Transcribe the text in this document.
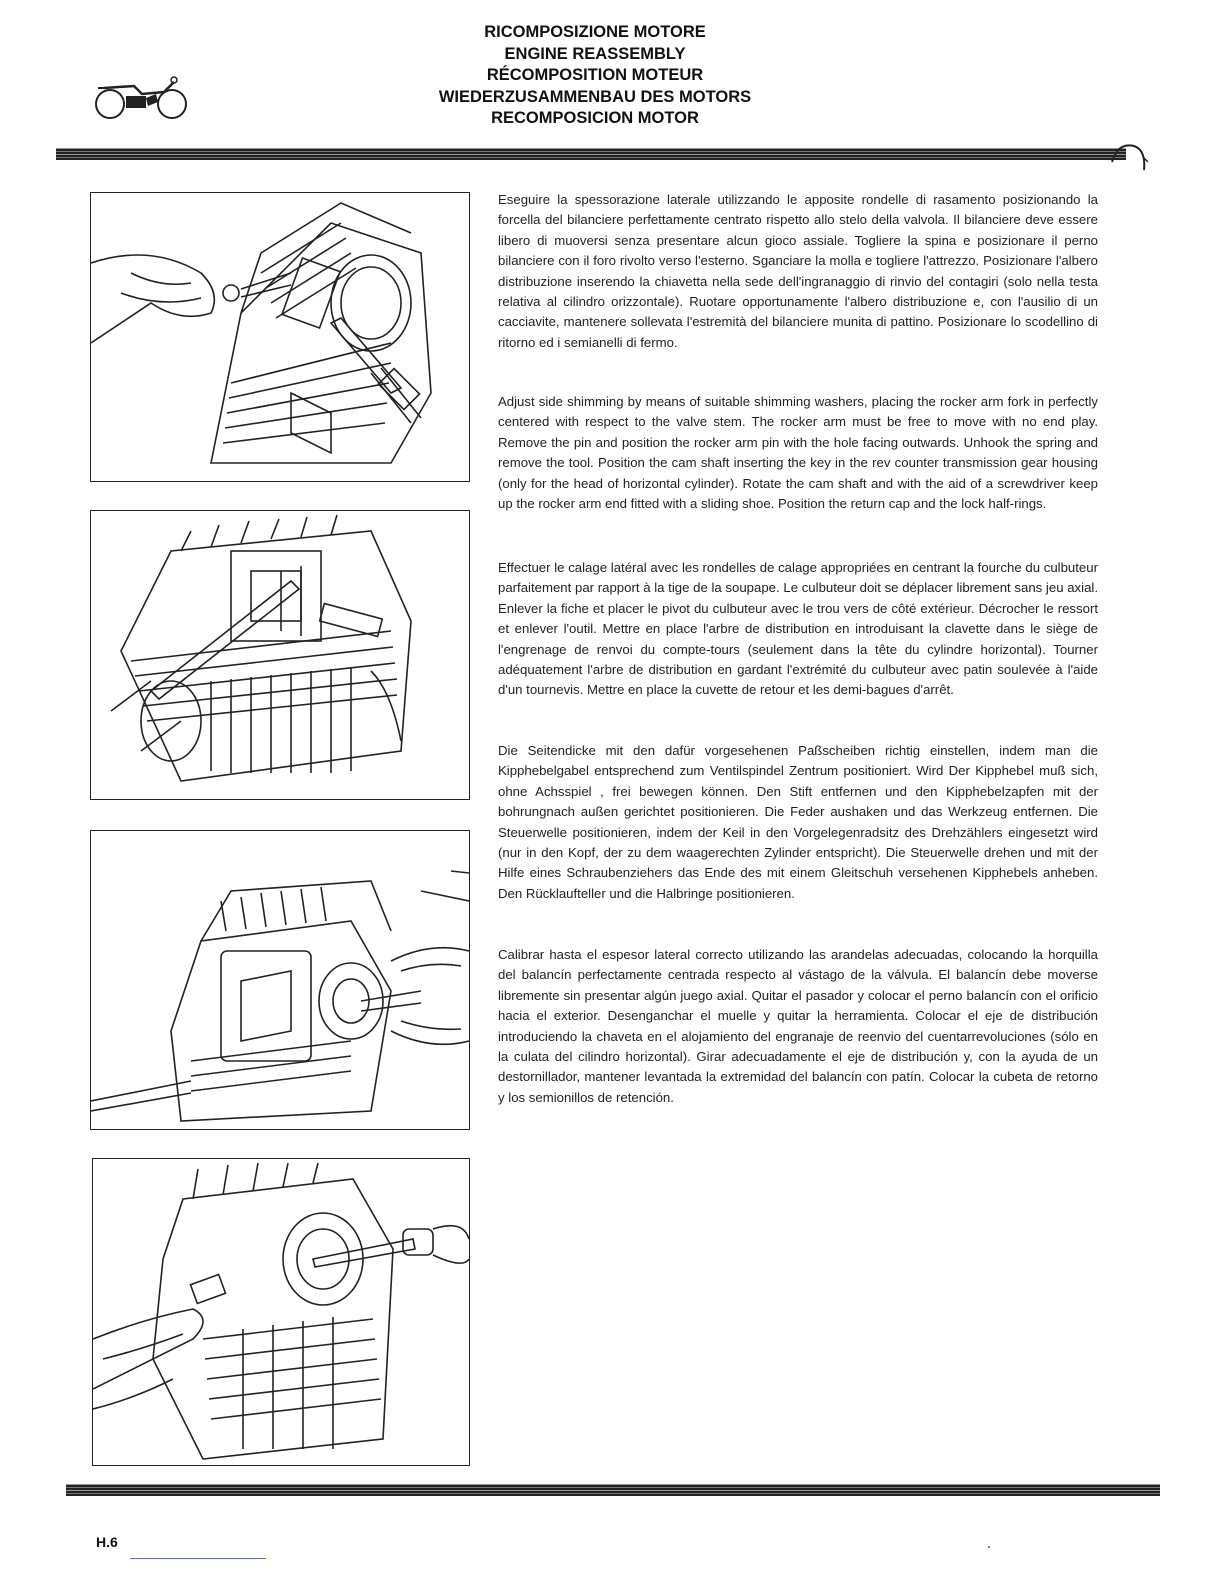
RICOMPOSIZIONE MOTORE
ENGINE REASSEMBLY
RÉCOMPOSITION MOTEUR
WIEDERZUSAMMENBAU DES MOTORS
RECOMPOSICION MOTOR
Eseguire la spessorazione laterale utilizzando le apposite rondelle di rasamento posizionando la forcella del bilanciere perfettamente centrato rispetto allo stelo della valvola. Il bilanciere deve essere libero di muoversi senza presentare alcun gioco assiale. Togliere la spina e posizionare il perno bilanciere con il foro rivolto verso l'esterno. Sganciare la molla e togliere l'attrezzo. Posizionare l'albero distribuzione inserendo la chiavetta nella sede dell'ingranaggio di rinvio del contagiri (solo nella testa relativa al cilindro orizzontale). Ruotare opportunamente l'albero distribuzione e, con l'ausilio di un cacciavite, mantenere sollevata l'estremità del bilanciere munita di pattino. Posizionare lo scodellino di ritorno ed i semianelli di fermo.
Adjust side shimming by means of suitable shimming washers, placing the rocker arm fork in perfectly centered with respect to the valve stem. The rocker arm must be free to move with no end play. Remove the pin and position the rocker arm pin with the hole facing outwards. Unhook the spring and remove the tool. Position the cam shaft inserting the key in the rev counter transmission gear housing (only for the head of horizontal cylinder). Rotate the cam shaft and with the aid of a screwdriver keep up the rocker arm end fitted with a sliding shoe. Position the return cap and the lock half-rings.
Effectuer le calage latéral avec les rondelles de calage appropriées en centrant la fourche du culbuteur parfaitement par rapport à la tige de la soupape. Le culbuteur doit se déplacer librement sans jeu axial. Enlever la fiche et placer le pivot du culbuteur avec le trou vers de côté extérieur. Décrocher le ressort et enlever l'outil. Mettre en place l'arbre de distribution en introduisant la clavette dans le siège de l'engrenage de renvoi du compte-tours (seulement dans la tête du cylindre horizontal). Tourner adéquatement l'arbre de distribution en gardant l'extrémité du culbuteur avec patin soulevée à l'aide d'un tournevis. Mettre en place la cuvette de retour et les demi-bagues d'arrêt.
Die Seitendicke mit den dafür vorgesehenen Paßscheiben richtig einstellen, indem man die Kipphebelgabel entsprechend zum Ventilspindel Zentrum positioniert. Wird Der Kipphebel muß sich, ohne Achsspiel , frei bewegen können. Den Stift entfernen und den Kipphebelzapfen mit der bohrungnach außen gerichtet positionieren. Die Feder aushaken und das Werkzeug entfernen. Die Steuerwelle positionieren, indem der Keil in den Vorgelegenradsitz des Drehzählers eingesetzt wird (nur in den Kopf, der zu dem waagerechten Zylinder entspricht). Die Steuerwelle drehen und mit der Hilfe eines Schraubenziehers das Ende des mit einem Gleitschuh versehenen Kipphebels anheben. Den Rücklaufteller und die Halbringe positionieren.
Calibrar hasta el espesor lateral correcto utilizando las arandelas adecuadas, colocando la horquilla del balancín perfectamente centrada respecto al vástago de la válvula. El balancín debe moverse libremente sin presentar algún juego axial. Quitar el pasador y colocar el perno balancín con el orificio hacia el exterior. Desenganchar el muelle y quitar la herramienta. Colocar el eje de distribución introduciendo la chaveta en el alojamiento del engranaje de reenvio del cuentarrevoluciones (sólo en la culata del cilindro horizontal). Girar adecuadamente el eje de distribución y, con la ayuda de un destornillador, mantener levantada la extremidad del balancín con patín. Colocar la cubeta de retorno y los semionillos de retención.
H.6
